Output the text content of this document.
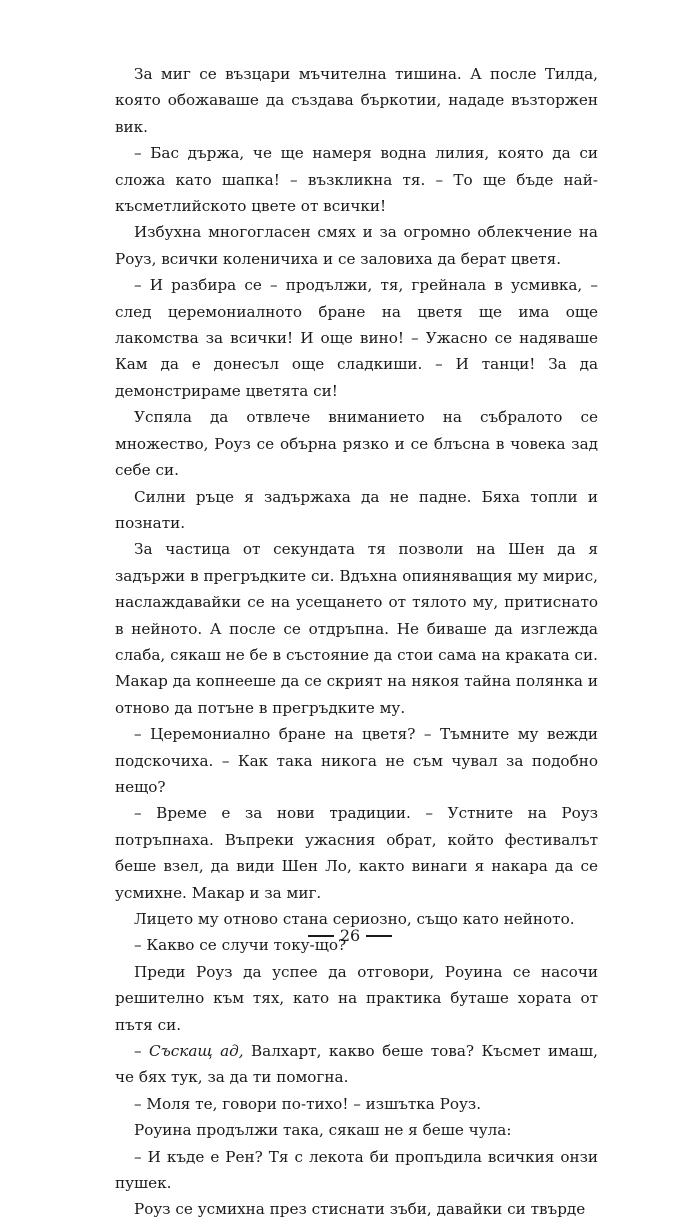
За миг се възцари мъчителна тишина. А после Тилда, която обожаваше да създава бъркотии, нададе възторжен вик.

– Бас държа, че ще намеря водна лилия, която да си сложа като шапка! – възкликна тя. – То ще бъде най-късметлийското цвете от всички!

Избухна многогласен смях и за огромно облекчение на Роуз, всички коленичиха и се заловиха да берат цветя.

– И разбира се – продължи, тя, грейнала в усмивка, – след церемониалното бране на цветя ще има още лакомства за всички! И още вино! – Ужасно се надяваше Кам да е донесъл още сладкиши. – И танци! За да демонстрираме цветята си!

Успяла да отвлече вниманието на събралото се множество, Роуз се обърна рязко и се блъсна в човека зад себе си.

Силни ръце я задържаха да не падне. Бяха топли и познати.

За частица от секундата тя позволи на Шен да я задържи в прегръдките си. Вдъхна опияняващия му мирис, наслаждавайки се на усещането от тялото му, притиснато в нейното. А после се отдръпна. Не биваше да изглежда слаба, сякаш не бе в състояние да стои сама на краката си. Макар да копнееше да се скрият на някоя тайна полянка и отново да потъне в прегръдките му.

– Церемониално бране на цветя? – Тъмните му вежди подскочиха. – Как така никога не съм чувал за подобно нещо?

– Време е за нови традиции. – Устните на Роуз потръпнаха. Въпреки ужасния обрат, който фестивалът беше взел, да види Шен Ло, както винаги я накара да се усмихне. Макар и за миг.

Лицето му отново стана сериозно, също като нейното.

– Какво се случи току-що?

Преди Роуз да успее да отговори, Роуина се насочи решително към тях, като на практика буташе хората от пътя си.

– Съскащ ад, Валхарт, какво беше това? Късмет имаш, че бях тук, за да ти помогна.

– Моля те, говори по-тихо! – изшътка Роуз.

Роуина продължи така, сякаш не я беше чула:

– И къде е Рен? Тя с лекота би пропъдила всичкия онзи пушек.

Роуз се усмихна през стиснати зъби, давайки си твърде

26
